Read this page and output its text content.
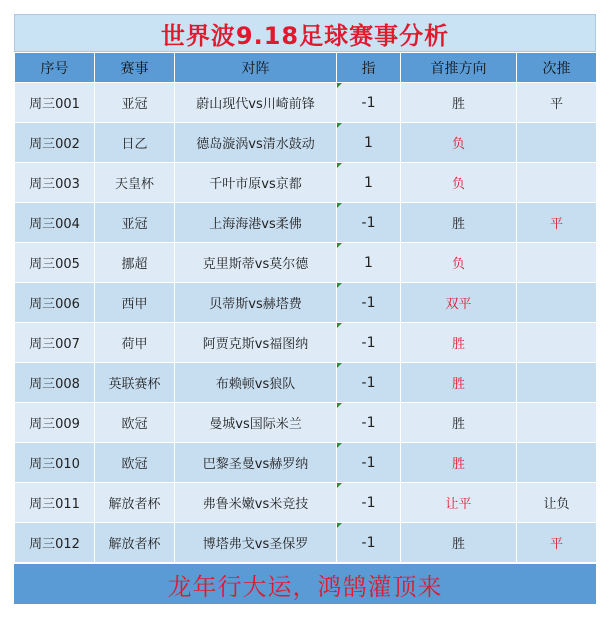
世界波9.18足球赛事分析
序号	赛事	对阵	指	首推方向	次推
周三001	亚冠	蔚山现代vs川崎前锋	-1	胜	平
周三002	日乙	德岛漩涡vs清水鼓动	1	负	
周三003	天皇杯	千叶市原vs京都	1	负	
周三004	亚冠	上海海港vs柔佛	-1	胜	平
周三005	挪超	克里斯蒂vs莫尔德	1	负	
周三006	西甲	贝蒂斯vs赫塔费	-1	双平	
周三007	荷甲	阿贾克斯vs福图纳	-1	胜	
周三008	英联赛杯	布赖顿vs狼队	-1	胜	
周三009	欧冠	曼城vs国际米兰	-1	胜	
周三010	欧冠	巴黎圣曼vs赫罗纳	-1	胜	
周三011	解放者杯	弗鲁米嫩vs米竞技	-1	让平	让负
周三012	解放者杯	博塔弗戈vs圣保罗	-1	胜	平
龙年行大运，鸿鹄灌顶来
